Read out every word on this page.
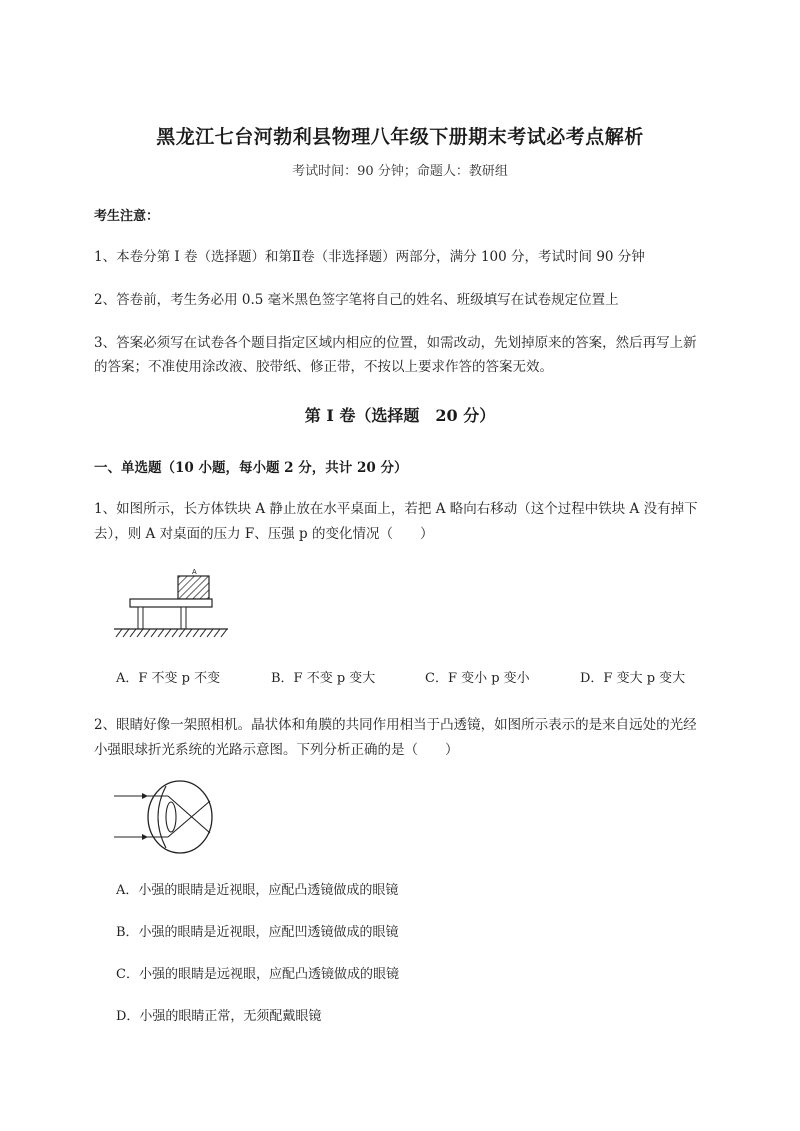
黑龙江七台河勃利县物理八年级下册期末考试必考点解析
考试时间：90 分钟；命题人：教研组
考生注意：
1、本卷分第 I 卷（选择题）和第Ⅱ卷（非选择题）两部分，满分 100 分，考试时间 90 分钟
2、答卷前，考生务必用 0.5 毫米黑色签字笔将自己的姓名、班级填写在试卷规定位置上
3、答案必须写在试卷各个题目指定区域内相应的位置，如需改动，先划掉原来的答案，然后再写上新
的答案；不准使用涂改液、胶带纸、修正带，不按以上要求作答的答案无效。
第 I 卷（选择题　20 分）
一、单选题（10 小题，每小题 2 分，共计 20 分）
1、如图所示，长方体铁块 A 静止放在水平桌面上，若把 A 略向右移动（这个过程中铁块 A 没有掉下
去），则 A 对桌面的压力 F、压强 p 的变化情况（　　）
A
A．F 不变 p 不变	B．F 不变 p 变大	C．F 变小 p 变小	D．F 变大 p 变大
2、眼睛好像一架照相机。晶状体和角膜的共同作用相当于凸透镜，如图所示表示的是来自远处的光经
小强眼球折光系统的光路示意图。下列分析正确的是（　　）
A．小强的眼睛是近视眼，应配凸透镜做成的眼镜
B．小强的眼睛是近视眼，应配凹透镜做成的眼镜
C．小强的眼睛是远视眼，应配凸透镜做成的眼镜
D．小强的眼睛正常，无须配戴眼镜
